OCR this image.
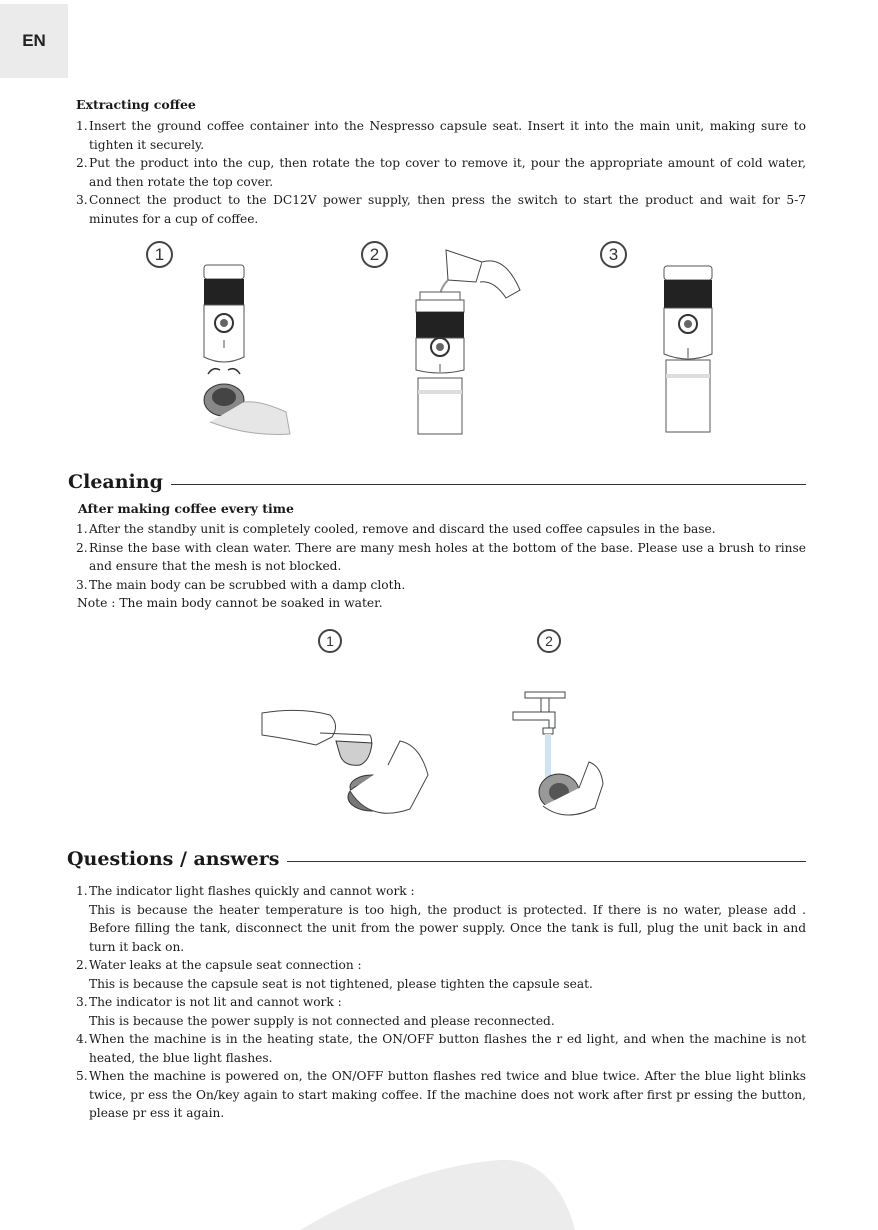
EN
Extracting coffee
1. Insert the ground coffee container into the Nespresso capsule seat. Insert it into the main unit, making sure to tighten it securely.
2. Put the product into the cup, then rotate the top cover to remove it, pour the appropriate amount of cold water, and then rotate the top cover.
3. Connect the product to the DC12V power supply, then press the switch to start the product and wait for 5-7 minutes for a cup of coffee.
1	2	3
Cleaning
After making coffee every time
1. After the standby unit is completely cooled, remove and discard the used coffee capsules in the base.
2. Rinse the base with clean water. There are many mesh holes at the bottom of the base. Please use a brush to rinse and ensure that the mesh is not blocked.
3. The main body can be scrubbed with a damp cloth.
Note : The main body cannot be soaked in water.
1	2
Questions / answers
1. The indicator light flashes quickly and cannot work :
This is because the heater temperature is too high, the product is protected. If there is no water, please add . Before filling the tank, disconnect the unit from the power supply. Once the tank is full, plug the unit back in and turn it back on.
2. Water leaks at the capsule seat connection :
This is because the capsule seat is not tightened, please tighten the capsule seat.
3. The indicator is not lit and cannot work :
This is because the power supply is not connected and please reconnected.
4. When the machine is in the heating state, the ON/OFF button flashes the r ed light, and when the machine is not heated, the blue light flashes.
5. When the machine is powered on, the ON/OFF button flashes red twice and blue twice. After the blue light blinks twice, pr ess the On/key again to start making coffee. If the machine does not work after first pr essing the button, please pr ess it again.
